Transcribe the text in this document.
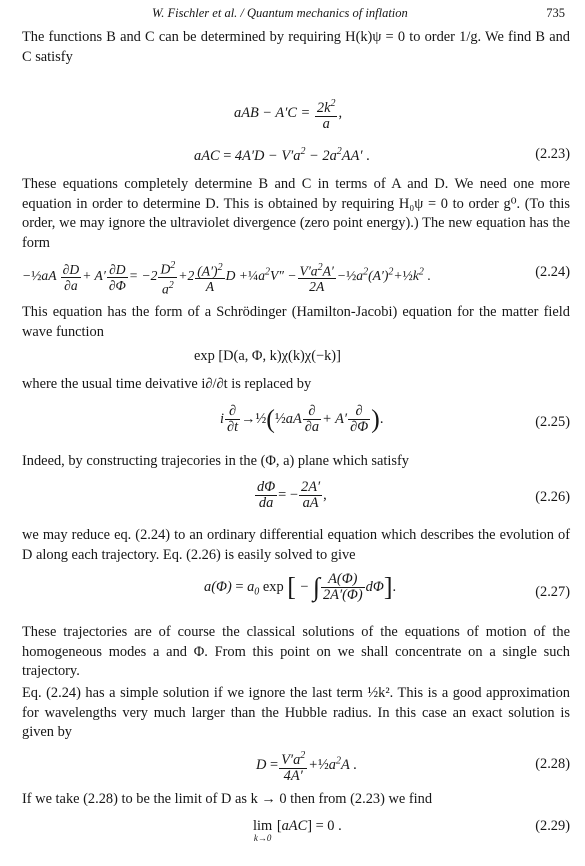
W. Fischler et al. / Quantum mechanics of inflation	735

The functions B and C can be determined by requiring H(k)ψ = 0 to order 1/g. We find B and C satisfy

aAB − $A'C = \frac{2k^2}{a}$ ,
aAC = $4A'D - V'a^2 - 2a^2AA'$ .	(2.23)

These equations completely determine B and C in terms of A and D. We need one more equation in order to determine D. This is obtained by requiring H₀ψ = 0 to order g⁰. (To this order, we may ignore the ultraviolet divergence (zero point energy).) The new equation has the form

−½aA $\frac{\partial D}{\partial a} + A' \frac{\partial D}{\partial\Phi} = -2 \frac{D^2}{a^2} +2 \frac{(A')^2}{A}$ $D +\frac{1}{4}a^2V'' - \frac{V'a^2A'}{2A}$ $-\frac{1}{2}a^2(A')^2+\frac{1}{2}k^2$ .	(2.24)

This equation has the form of a Schrödinger (Hamilton-Jacobi) equation for the matter field wave function

exp [D(a, Φ, k)χ(k)χ(−k)]

where the usual time deivative i∂/∂t is replaced by

i $\frac{\partial}{\partial t}$ →½(½aA $\frac{\partial}{\partial a} + A' \frac{\partial}{\partial\Phi}$ ).	(2.25)

Indeed, by constructing trajecories in the (Φ, a) plane which satisfy

$\frac{d\Phi}{da}$ = − $\frac{2A'}{aA}$ ,	(2.26)

we may reduce eq. (2.24) to an ordinary differential equation which describes the evolution of D along each trajectory. Eq. (2.26) is easily solved to give

$a(\Phi) = a_0$ exp [ − ∫ $\frac{A(\Phi)}{2A'(\Phi)} d\Phi$].	(2.27)

These trajectories are of course the classical solutions of the equations of motion of the homogeneous modes a and Φ. From this point on we shall concentrate on a single such trajectory.

Eq. (2.24) has a simple solution if we ignore the last term ½k². This is a good approximation for wavelengths very much larger than the Hubble radius. In this case an exact solution is given by

$D = \frac{V'a^2}{4A'}$ $+\frac{1}{2}a^2A$ .	(2.28)

If we take (2.28) to be the limit of D as k → 0 then from (2.23) we find

lim
k→0
[aAC] = 0 .	(2.29)
